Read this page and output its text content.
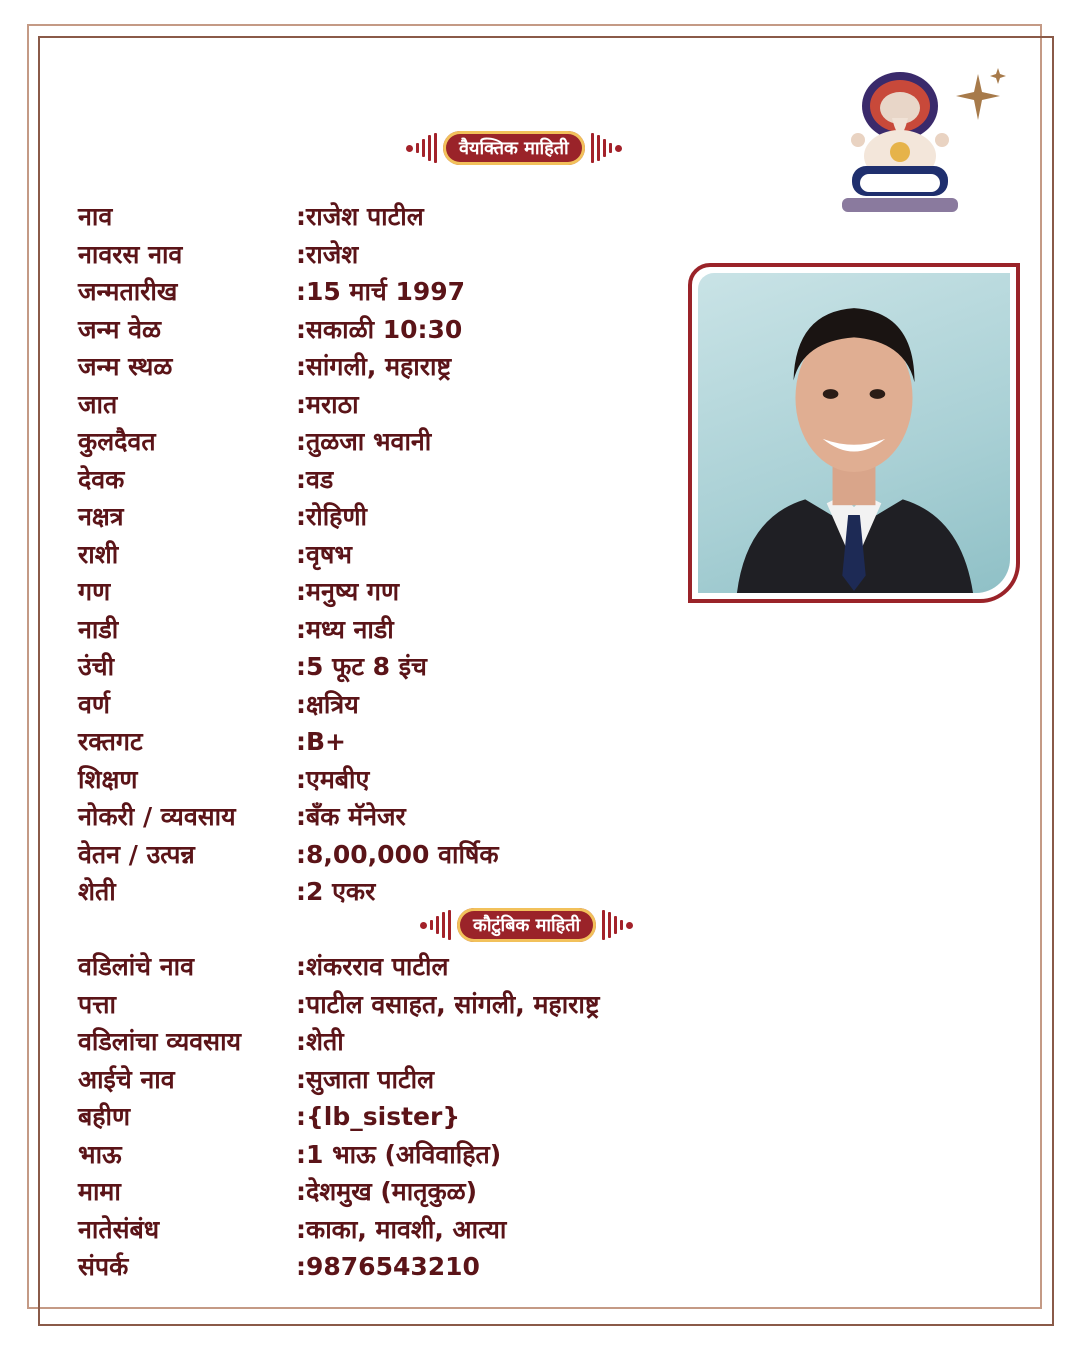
वैयक्तिक माहिती
कौटुंबिक माहिती
नाव	:राजेश पाटील
नावरस नाव	:राजेश
जन्मतारीख	:15 मार्च 1997
जन्म वेळ	:सकाळी 10:30
जन्म स्थळ	:सांगली, महाराष्ट्र
जात	:मराठा
कुलदैवत	:तुळजा भवानी
देवक	:वड
नक्षत्र	:रोहिणी
राशी	:वृषभ
गण	:मनुष्य गण
नाडी	:मध्य नाडी
उंची	:5 फूट 8 इंच
वर्ण	:क्षत्रिय
रक्तगट	:B+
शिक्षण	:एमबीए
नोकरी / व्यवसाय	:बँक मॅनेजर
वेतन / उत्पन्न	:8,00,000 वार्षिक
शेती	:2 एकर
वडिलांचे नाव	:शंकरराव पाटील
पत्ता	:पाटील वसाहत, सांगली, महाराष्ट्र
वडिलांचा व्यवसाय	:शेती
आईचे नाव	:सुजाता पाटील
बहीण	:{lb_sister}
भाऊ	:1 भाऊ (अविवाहित)
मामा	:देशमुख (मातृकुळ)
नातेसंबंध	:काका, मावशी, आत्या
संपर्क	:9876543210
